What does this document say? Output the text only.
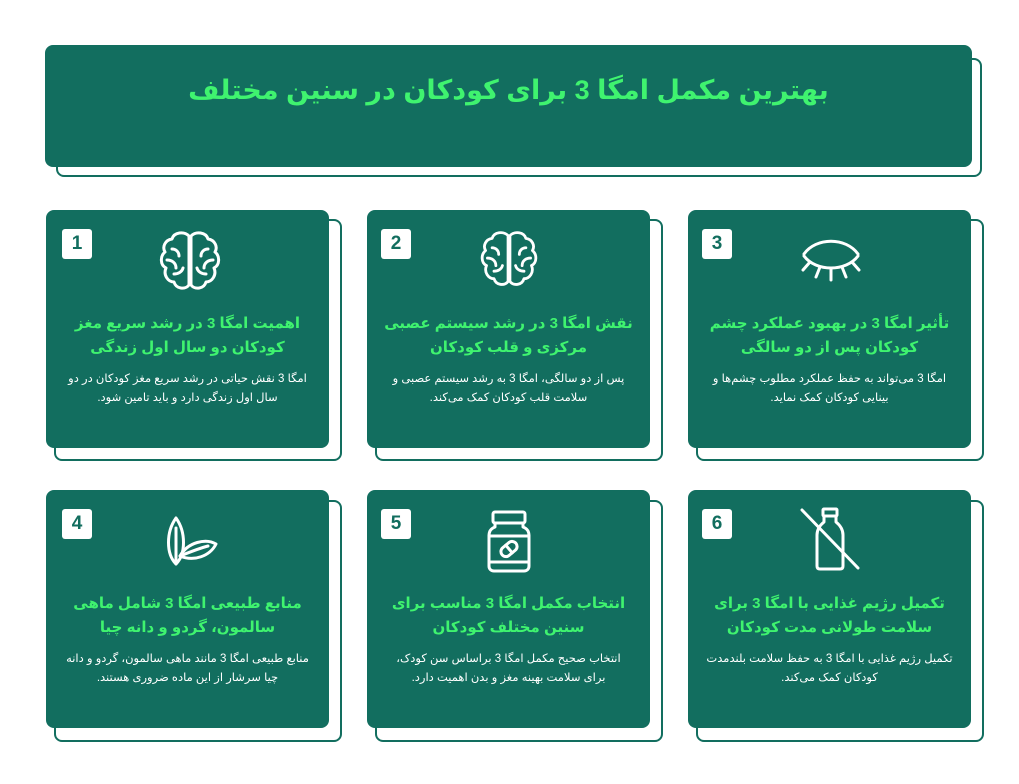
بهترین مکمل امگا 3 برای کودکان در سنین مختلف
1
اهمیت امگا 3 در رشد سریع مغز کودکان دو سال اول زندگی
امگا 3 نقش حیاتی در رشد سریع مغز کودکان در دو سال اول زندگی دارد و باید تامین شود.
2
نقش امگا 3 در رشد سیستم عصبی مرکزی و قلب کودکان
پس از دو سالگی، امگا 3 به رشد سیستم عصبی و سلامت قلب کودکان کمک می‌کند.
3
تأثیر امگا 3 در بهبود عملکرد چشم کودکان پس از دو سالگی
امگا 3 می‌تواند به حفظ عملکرد مطلوب چشم‌ها و بینایی کودکان کمک نماید.
4
منابع طبیعی امگا 3 شامل ماهی سالمون، گردو و دانه چیا
منابع طبیعی امگا 3 مانند ماهی سالمون، گردو و دانه چیا سرشار از این ماده ضروری هستند.
5
انتخاب مکمل امگا 3 مناسب برای سنین مختلف کودکان
انتخاب صحیح مکمل امگا 3 براساس سن کودک، برای سلامت بهینه مغز و بدن اهمیت دارد.
6
تکمیل رژیم غذایی با امگا 3 برای سلامت طولانی مدت کودکان
تکمیل رژیم غذایی با امگا 3 به حفظ سلامت بلندمدت کودکان کمک می‌کند.
